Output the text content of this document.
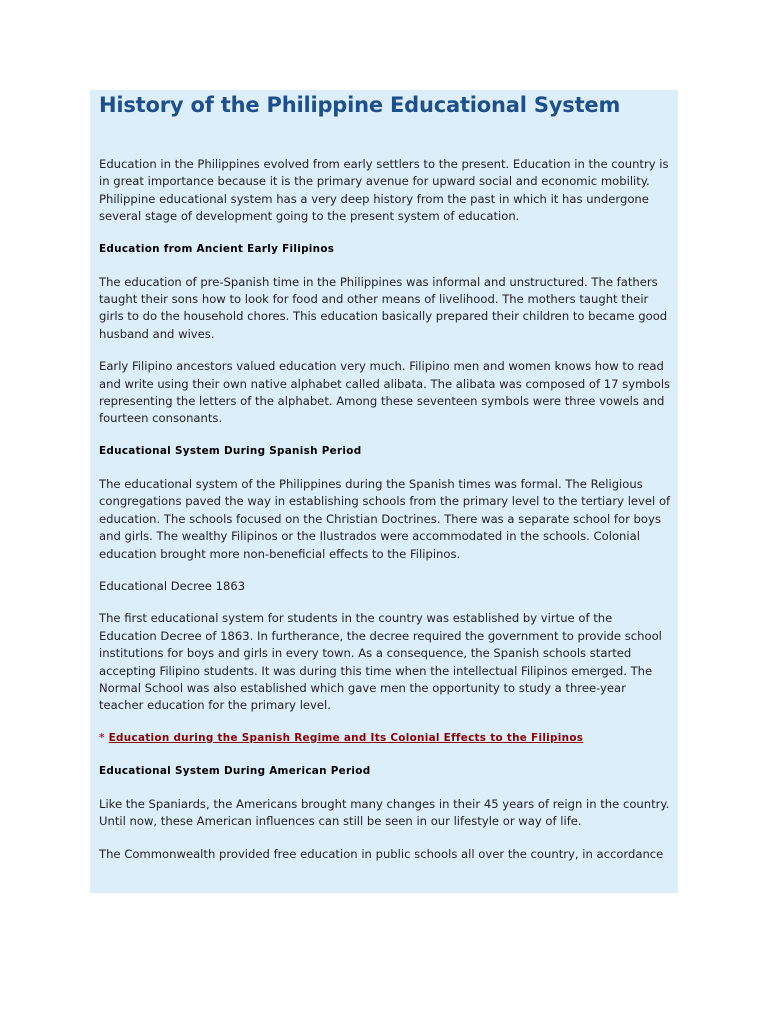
History of the Philippine Educational System

Education in the Philippines evolved from early settlers to the present. Education in the country is in great importance because it is the primary avenue for upward social and economic mobility. Philippine educational system has a very deep history from the past in which it has undergone several stage of development going to the present system of education.

Education from Ancient Early Filipinos

The education of pre-Spanish time in the Philippines was informal and unstructured. The fathers taught their sons how to look for food and other means of livelihood. The mothers taught their girls to do the household chores. This education basically prepared their children to became good husband and wives.

Early Filipino ancestors valued education very much. Filipino men and women knows how to read and write using their own native alphabet called alibata. The alibata was composed of 17 symbols representing the letters of the alphabet. Among these seventeen symbols were three vowels and fourteen consonants.

Educational System During Spanish Period

The educational system of the Philippines during the Spanish times was formal. The Religious congregations paved the way in establishing schools from the primary level to the tertiary level of education. The schools focused on the Christian Doctrines. There was a separate school for boys and girls. The wealthy Filipinos or the Ilustrados were accommodated in the schools. Colonial education brought more non-beneficial effects to the Filipinos.

Educational Decree 1863

The first educational system for students in the country was established by virtue of the Education Decree of 1863. In furtherance, the decree required the government to provide school institutions for boys and girls in every town. As a consequence, the Spanish schools started accepting Filipino students. It was during this time when the intellectual Filipinos emerged. The Normal School was also established which gave men the opportunity to study a three-year teacher education for the primary level.

* Education during the Spanish Regime and Its Colonial Effects to the Filipinos

Educational System During American Period

Like the Spaniards, the Americans brought many changes in their 45 years of reign in the country. Until now, these American influences can still be seen in our lifestyle or way of life.

The Commonwealth provided free education in public schools all over the country, in accordance
